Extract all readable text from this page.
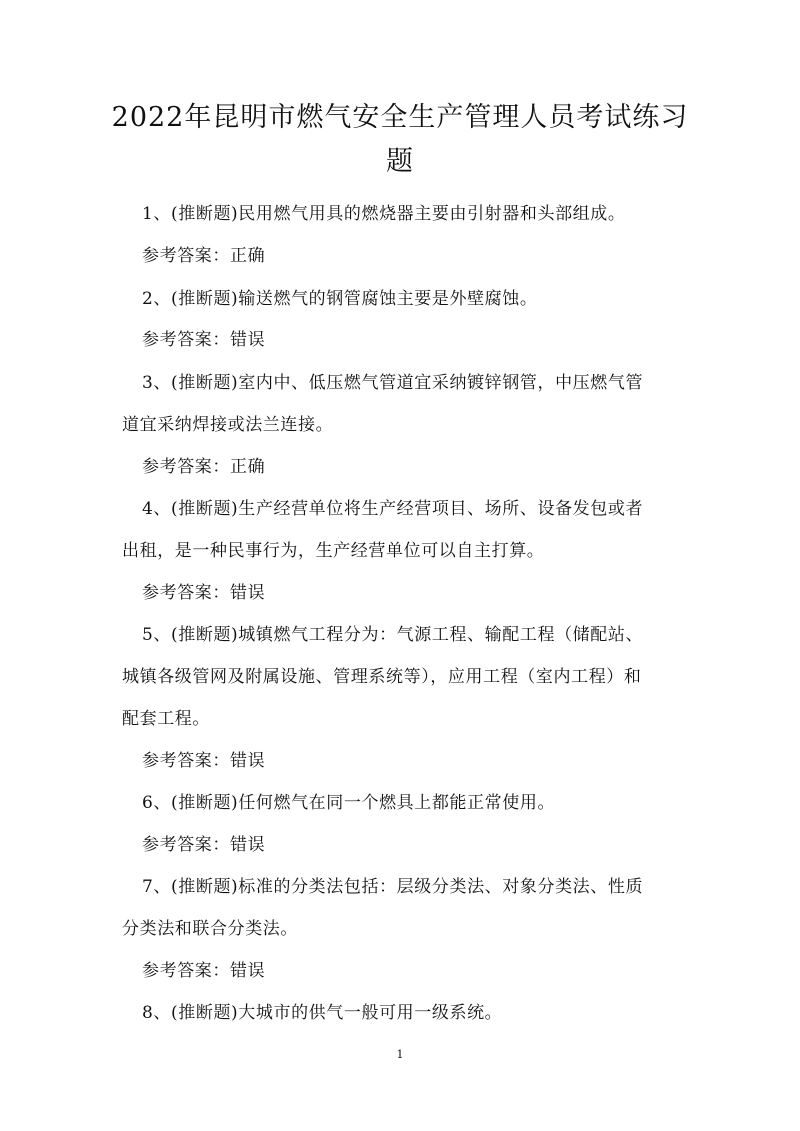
2022年昆明市燃气安全生产管理人员考试练习
题
1、(推断题)民用燃气用具的燃烧器主要由引射器和头部组成。
参考答案：正确
2、(推断题)输送燃气的钢管腐蚀主要是外壁腐蚀。
参考答案：错误
3、(推断题)室内中、低压燃气管道宜采纳镀锌钢管，中压燃气管
道宜采纳焊接或法兰连接。
参考答案：正确
4、(推断题)生产经营单位将生产经营项目、场所、设备发包或者
出租，是一种民事行为，生产经营单位可以自主打算。
参考答案：错误
5、(推断题)城镇燃气工程分为：气源工程、输配工程（储配站、
城镇各级管网及附属设施、管理系统等），应用工程（室内工程）和
配套工程。
参考答案：错误
6、(推断题)任何燃气在同一个燃具上都能正常使用。
参考答案：错误
7、(推断题)标准的分类法包括：层级分类法、对象分类法、性质
分类法和联合分类法。
参考答案：错误
8、(推断题)大城市的供气一般可用一级系统。
1
